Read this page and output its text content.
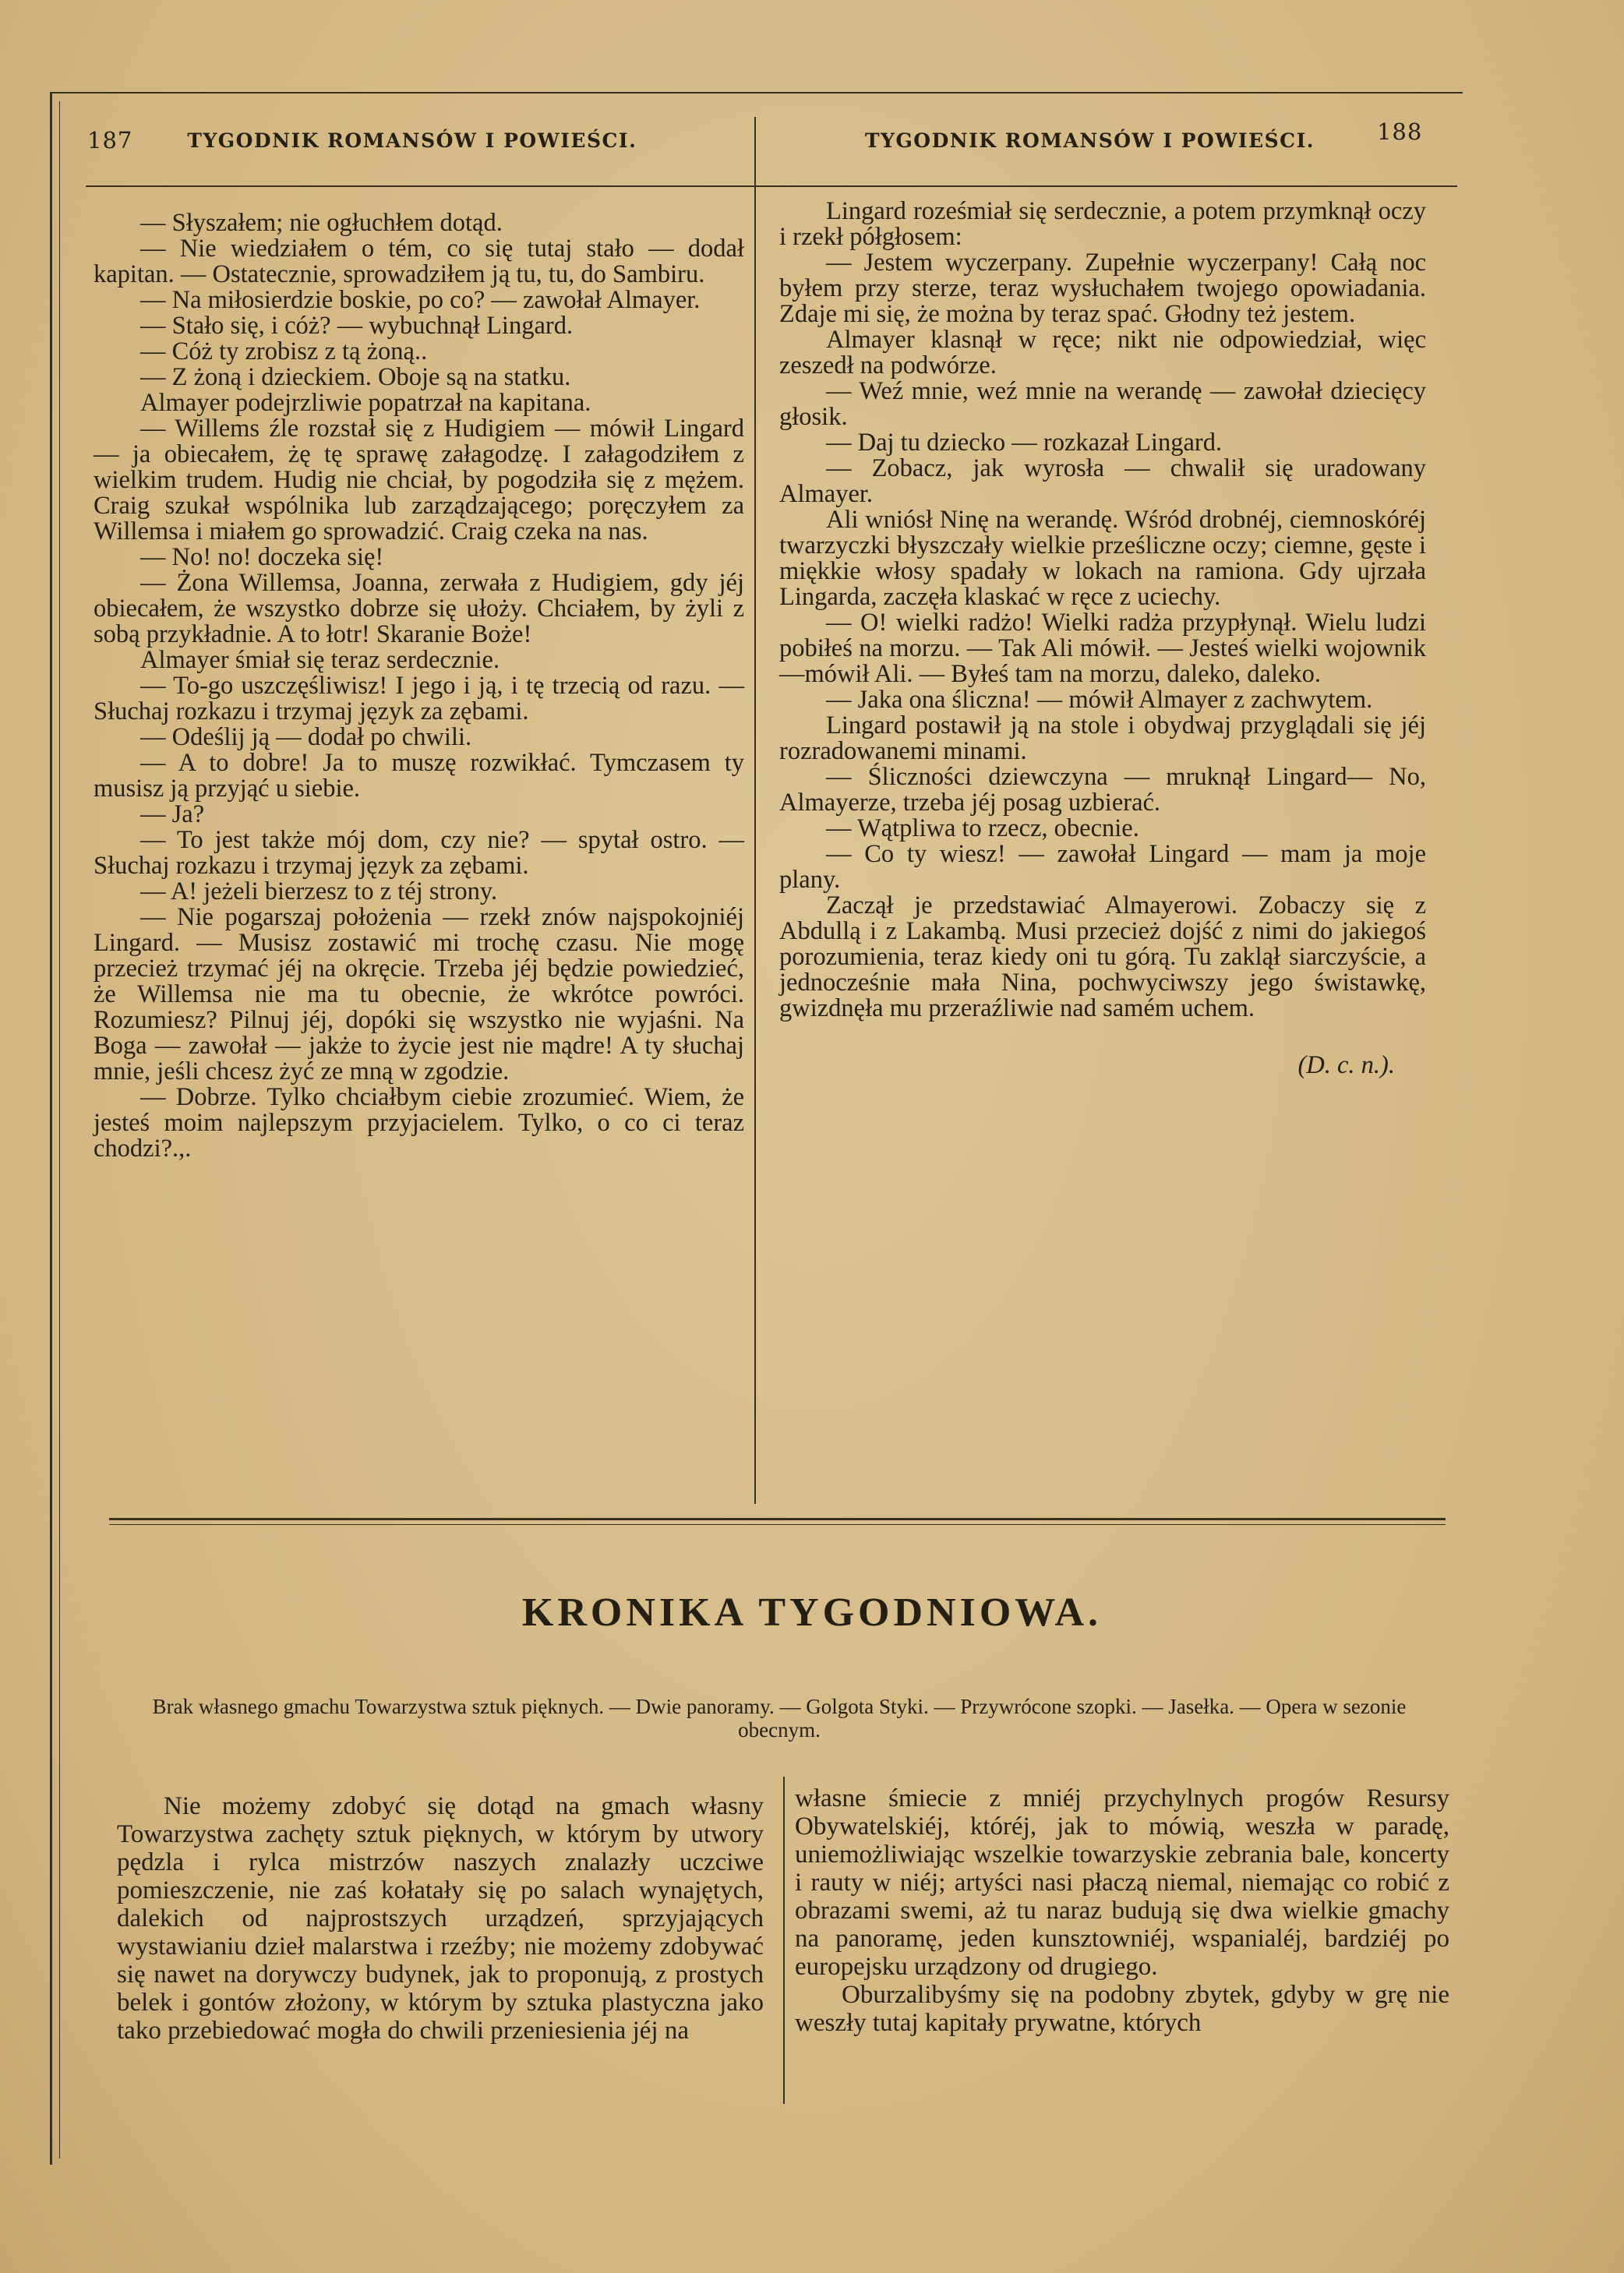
187	TYGODNIK ROMANSÓW I POWIEŚCI.	TYGODNIK ROMANSÓW I POWIEŚCI.	188

— Słyszałem; nie ogłuchłem dotąd.

— Nie wiedziałem o tém, co się tutaj stało — dodał kapitan. — Ostatecznie, sprowadziłem ją tu, tu, do Sambiru.

— Na miłosierdzie boskie, po co? — zawołał Almayer.

— Stało się, i cóż? — wybuchnął Lingard.

— Cóż ty zrobisz z tą żoną..

— Z żoną i dzieckiem. Oboje są na statku.

Almayer podejrzliwie popatrzał na kapitana.

— Willems źle rozstał się z Hudigiem — mówił Lingard — ja obiecałem, żę tę sprawę załagodzę. I załagodziłem z wielkim trudem. Hudig nie chciał, by pogodziła się z mężem. Craig szukał wspólnika lub zarządzającego; poręczyłem za Willemsa i miałem go sprowadzić. Craig czeka na nas.

— No! no! doczeka się!

— Żona Willemsa, Joanna, zerwała z Hudigiem, gdy jéj obiecałem, że wszystko dobrze się ułoży. Chciałem, by żyli z sobą przykładnie. A to łotr! Skaranie Boże!

Almayer śmiał się teraz serdecznie.

— To-go uszczęśliwisz! I jego i ją, i tę trzecią od razu. — Słuchaj rozkazu i trzymaj język za zębami.

— Odeślij ją — dodał po chwili.

— A to dobre! Ja to muszę rozwikłać. Tymczasem ty musisz ją przyjąć u siebie.

— Ja?

— To jest także mój dom, czy nie? — spytał ostro. — Słuchaj rozkazu i trzymaj język za zębami.

— A! jeżeli bierzesz to z téj strony.

— Nie pogarszaj położenia — rzekł znów najspokojniéj Lingard. — Musisz zostawić mi trochę czasu. Nie mogę przecież trzymać jéj na okręcie. Trzeba jéj będzie powiedzieć, że Willemsa nie ma tu obecnie, że wkrótce powróci. Rozumiesz? Pilnuj jéj, dopóki się wszystko nie wyjaśni. Na Boga — zawołał — jakże to życie jest nie mądre! A ty słuchaj mnie, jeśli chcesz żyć ze mną w zgodzie.

— Dobrze. Tylko chciałbym ciebie zrozumieć. Wiem, że jesteś moim najlepszym przyjacielem. Tylko, o co ci teraz chodzi?.,.

Lingard roześmiał się serdecznie, a potem przymknął oczy i rzekł półgłosem:

— Jestem wyczerpany. Zupełnie wyczerpany! Całą noc byłem przy sterze, teraz wysłuchałem twojego opowiadania. Zdaje mi się, że można by teraz spać. Głodny też jestem.

Almayer klasnął w ręce; nikt nie odpowiedział, więc zeszedł na podwórze.

— Weź mnie, weź mnie na werandę — zawołał dziecięcy głosik.

— Daj tu dziecko — rozkazał Lingard.

— Zobacz, jak wyrosła — chwalił się uradowany Almayer.

Ali wniósł Ninę na werandę. Wśród drobnéj, ciemnoskóréj twarzyczki błyszczały wielkie prześliczne oczy; ciemne, gęste i miękkie włosy spadały w lokach na ramiona. Gdy ujrzała Lingarda, zaczęła klaskać w ręce z uciechy.

— O! wielki radżo! Wielki radża przypłynął. Wielu ludzi pobiłeś na morzu. — Tak Ali mówił. — Jesteś wielki wojownik —mówił Ali. — Byłeś tam na morzu, daleko, daleko.

— Jaka ona śliczna! — mówił Almayer z zachwytem.

Lingard postawił ją na stole i obydwaj przyglądali się jéj rozradowanemi minami.

— Śliczności dziewczyna — mruknął Lingard— No, Almayerze, trzeba jéj posag uzbierać.

— Wątpliwa to rzecz, obecnie.

— Co ty wiesz! — zawołał Lingard — mam ja moje plany.

Zaczął je przedstawiać Almayerowi. Zobaczy się z Abdullą i z Lakambą. Musi przecież dojść z nimi do jakiegoś porozumienia, teraz kiedy oni tu górą. Tu zaklął siarczyście, a jednocześnie mała Nina, pochwyciwszy jego świstawkę, gwizdnęła mu przeraźliwie nad samém uchem.

(D. c. n.).

KRONIKA TYGODNIOWA.
Brak własnego gmachu Towarzystwa sztuk pięknych. — Dwie panoramy. — Golgota Styki. — Przywrócone szopki. — Jasełka. — Opera w sezonie obecnym.

Nie możemy zdobyć się dotąd na gmach własny Towarzystwa zachęty sztuk pięknych, w którym by utwory pędzla i rylca mistrzów naszych znalazły uczciwe pomieszczenie, nie zaś kołatały się po salach wynajętych, dalekich od najprostszych urządzeń, sprzyjających wystawianiu dzieł malarstwa i rzeźby; nie możemy zdobywać się nawet na dorywczy budynek, jak to proponują, z prostych belek i gontów złożony, w którym by sztuka plastyczna jako tako przebiedować mogła do chwili przeniesienia jéj na

własne śmiecie z mniéj przychylnych progów Resursy Obywatelskiéj, któréj, jak to mówią, weszła w paradę, uniemożliwiając wszelkie towarzyskie zebrania bale, koncerty i rauty w niéj; artyści nasi płaczą niemal, niemając co robić z obrazami swemi, aż tu naraz budują się dwa wielkie gmachy na panoramę, jeden kunsztowniéj, wspanialéj, bardziéj po europejsku urządzony od drugiego.

Oburzalibyśmy się na podobny zbytek, gdyby w grę nie weszły tutaj kapitały prywatne, których
